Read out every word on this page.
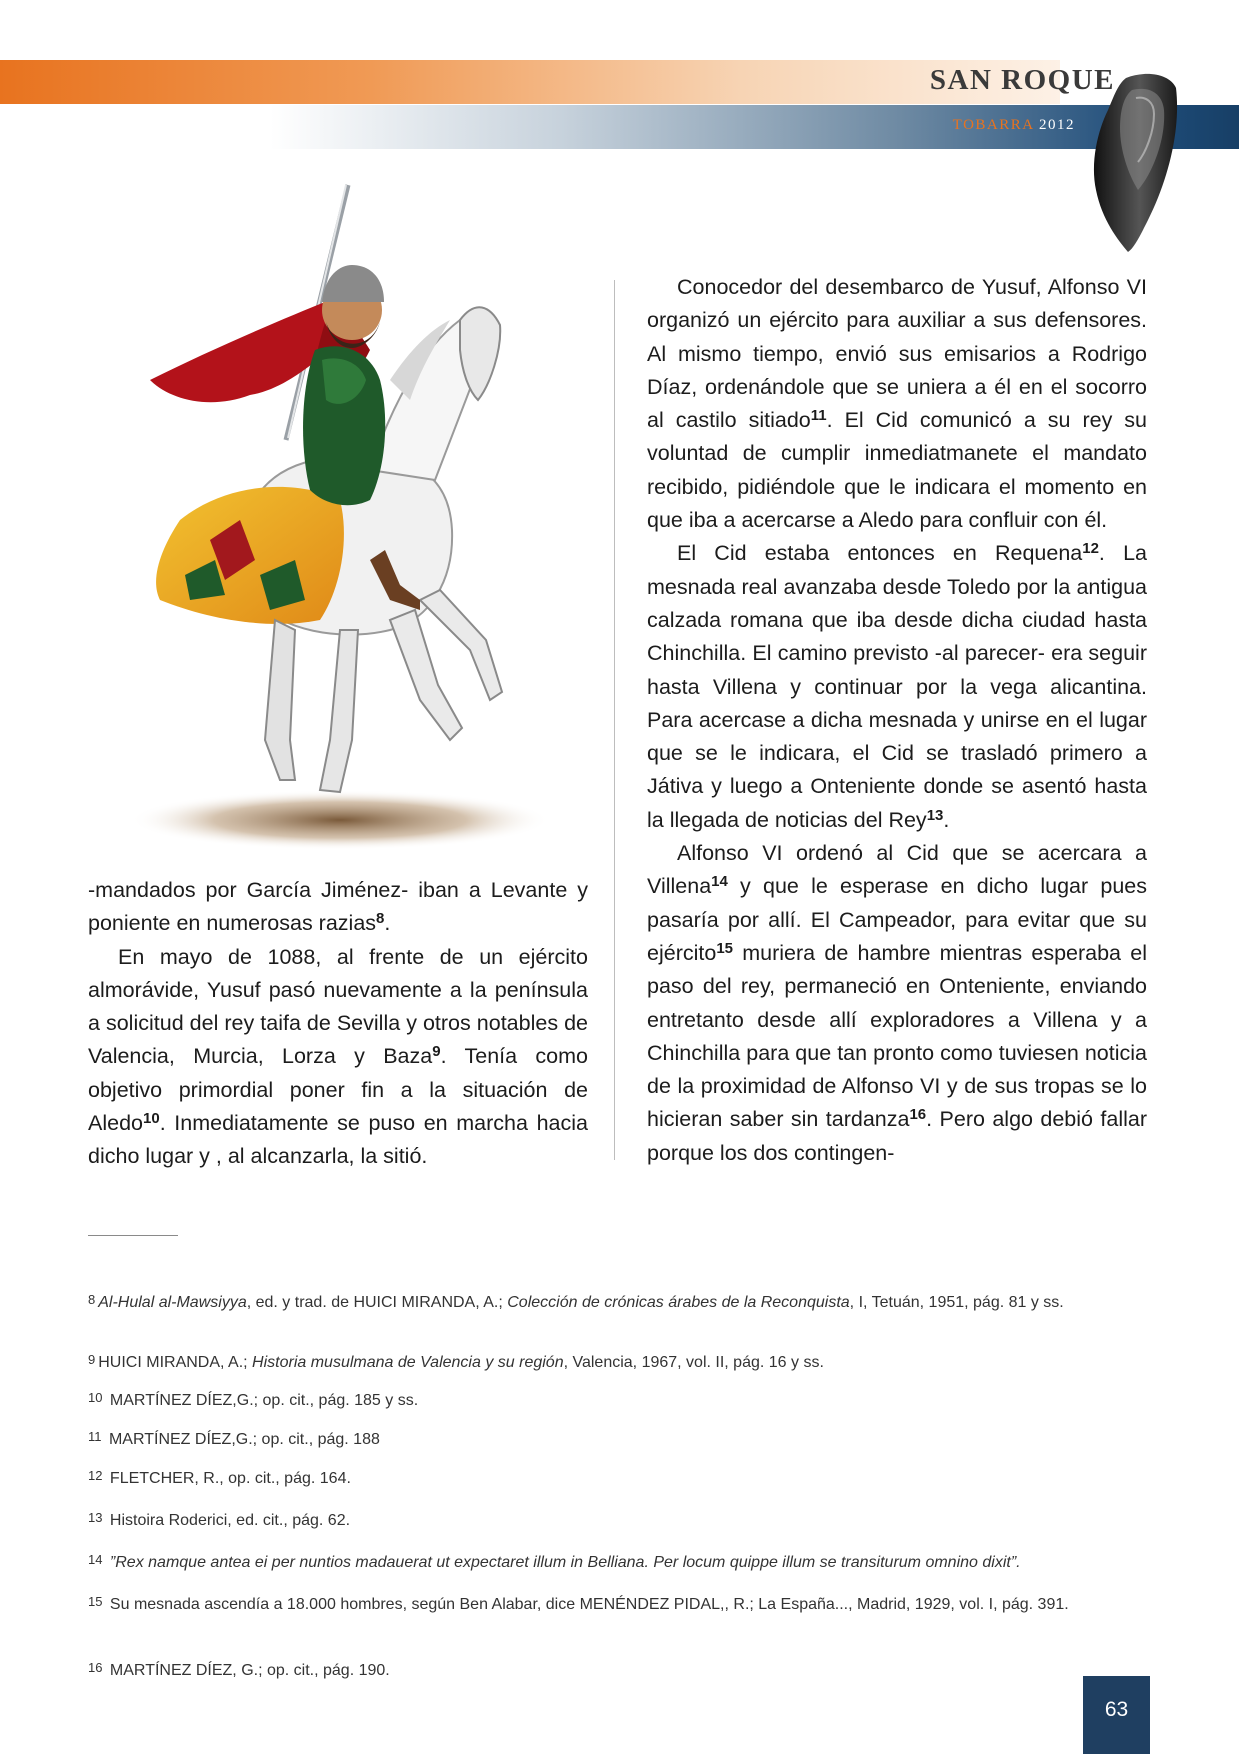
SAN ROQUE
TOBARRA 2012

-mandados por García Jiménez- iban a Levante y poniente en numerosas razias$^8$.

En mayo de 1088, al frente de un ejército almorávide, Yusuf pasó nuevamente a la península a solicitud del rey taifa de Sevilla y otros notables de Valencia, Murcia, Lorza y Baza$^9$. Tenía como objetivo primordial poner fin a la situación de Aledo$^{10}$. Inmediatamente se puso en marcha hacia dicho lugar y , al alcanzarla, la sitió.

Conocedor del desembarco de Yusuf, Alfonso VI organizó un ejército para auxiliar a sus defensores. Al mismo tiempo, envió sus emisarios a Rodrigo Díaz, ordenándole que se uniera a él en el socorro al castilo sitiado$^{11}$. El Cid comunicó a su rey su voluntad de cumplir inmediatmanete el mandato recibido, pidiéndole que le indicara el momento en que iba a acercarse a Aledo para confluir con él.

El Cid estaba entonces en Requena$^{12}$. La mesnada real avanzaba desde Toledo por la antigua calzada romana que iba desde dicha ciudad hasta Chinchilla. El camino previsto -al parecer- era seguir hasta Villena y continuar por la vega alicantina. Para acercase a dicha mesnada y unirse en el lugar que se le indicara, el Cid se trasladó primero a Játiva y luego a Onteniente donde se asentó hasta la llegada de noticias del Rey$^{13}$.

Alfonso VI ordenó al Cid que se acercara a Villena$^{14}$ y que le esperase en dicho lugar pues pasaría por allí. El Campeador, para evitar que su ejército$^{15}$ muriera de hambre mientras esperaba el paso del rey, permaneció en Onteniente, enviando entretanto desde allí exploradores a Villena y a Chinchilla para que tan pronto como tuviesen noticia de la proximidad de Alfonso VI y de sus tropas se lo hicieran saber sin tardanza$^{16}$. Pero algo debió fallar porque los dos contingen-

8 Al-Hulal al-Mawsiyya, ed. y trad. de HUICI MIRANDA, A.; Colección de crónicas árabes de la Reconquista, I, Tetuán, 1951, pág. 81 y ss.
9 HUICI MIRANDA, A.; Historia musulmana de Valencia y su región, Valencia, 1967, vol. II, pág. 16 y ss.
10 MARTÍNEZ DÍEZ,G.; op. cit., pág. 185 y ss.
11 MARTÍNEZ DÍEZ,G.; op. cit., pág. 188
12 FLETCHER, R., op. cit., pág. 164.
13 Histoira Roderici, ed. cit., pág. 62.
14 ”Rex namque antea ei per nuntios madauerat ut expectaret illum in Belliana. Per locum quippe illum se transiturum omnino dixit”.
15 Su mesnada ascendía a 18.000 hombres, según Ben Alabar, dice MENÉNDEZ PIDAL,, R.; La España..., Madrid, 1929, vol. I, pág. 391.
16 MARTÍNEZ DÍEZ, G.; op. cit., pág. 190.
63
